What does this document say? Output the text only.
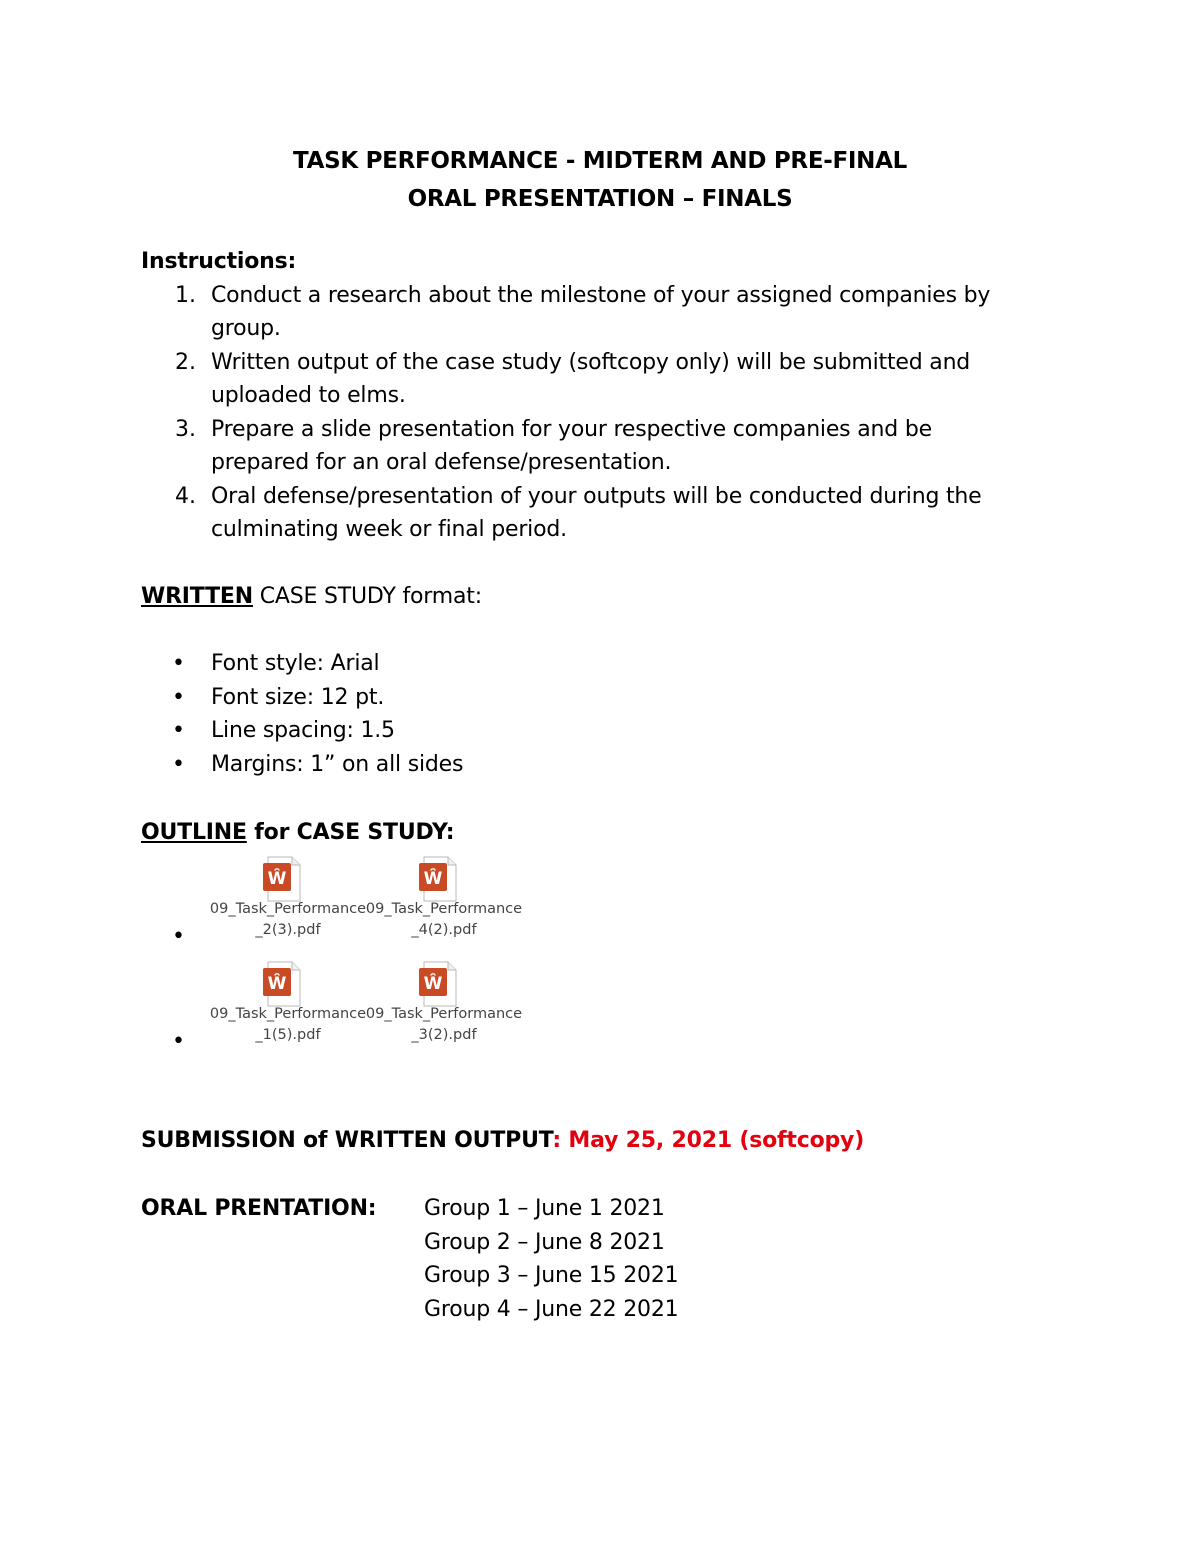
TASK PERFORMANCE - MIDTERM AND PRE-FINAL
ORAL PRESENTATION – FINALS
Instructions:
1. Conduct a research about the milestone of your assigned companies by
group.
2. Written output of the case study (softcopy only) will be submitted and
uploaded to elms.
3. Prepare a slide presentation for your respective companies and be
prepared for an oral defense/presentation.
4. Oral defense/presentation of your outputs will be conducted during the
culminating week or final period.
WRITTEN CASE STUDY format:
• Font style: Arial
• Font size: 12 pt.
• Line spacing: 1.5
• Margins: 1” on all sides
OUTLINE for CASE STUDY:
•
•
Ŵ
09_Task_Performance_2(3).pdf
Ŵ
09_Task_Performance_4(2).pdf
Ŵ
09_Task_Performance_1(5).pdf
Ŵ
09_Task_Performance_3(2).pdf
SUBMISSION of WRITTEN OUTPUT: May 25, 2021 (softcopy)
ORAL PRENTATION: Group 1 – June 1 2021
Group 2 – June 8 2021
Group 3 – June 15 2021
Group 4 – June 22 2021
